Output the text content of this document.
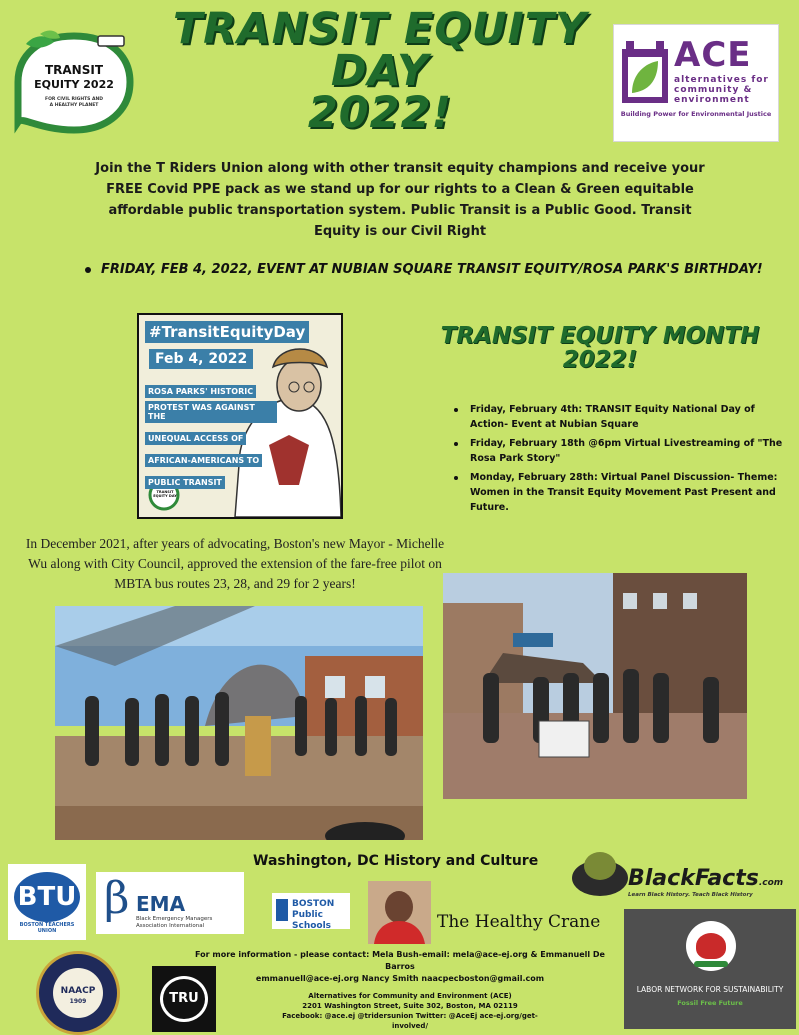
TRANSIT EQUITY DAY
2022!
TRANSIT
EQUITY 2022
FOR CIVIL RIGHTS AND
A HEALTHY PLANET
ACE
alternatives for
community &
environment
Building Power for Environmental Justice
Join the T Riders Union along with other transit equity champions and receive your FREE Covid PPE pack as we stand up for our rights to a Clean & Green equitable affordable public transportation system. Public Transit is a Public Good. Transit Equity is our Civil Right
FRIDAY, FEB 4, 2022, EVENT AT NUBIAN SQUARE TRANSIT EQUITY/ROSA PARK'S BIRTHDAY!
#TransitEquityDay
Feb 4, 2022
ROSA PARKS' HISTORIC
PROTEST WAS AGAINST THE
UNEQUAL ACCESS OF
AFRICAN-AMERICANS TO
PUBLIC TRANSIT
TRANSIT
EQUITY DAY
TRANSIT EQUITY MONTH
2022!
Friday, February 4th: TRANSIT Equity National Day of Action- Event at Nubian Square
Friday, February 18th @6pm Virtual Livestreaming of "The Rosa Park Story"
Monday, February 28th: Virtual Panel Discussion- Theme: Women in the Transit Equity Movement Past Present and Future.
In December 2021, after years of advocating, Boston's new Mayor - Michelle Wu along with City Council, approved the extension of the fare-free pilot on MBTA bus routes 23, 28, and 29 for 2 years!
Washington, DC History and Culture
BTU
BOSTON TEACHERS
UNION
β EMA
Black Emergency Managers
Association International
BOSTON
Public Schools	The Healthy Crane
BlackFacts.com
Learn Black History. Teach Black History
NAACP
1909	TRU
LABOR NETWORK FOR SUSTAINABILITY
Fossil Free Future
For more information - please contact: Mela Bush-email: mela@ace-ej.org & Emmanuell De Barros
emmanuell@ace-ej.org Nancy Smith naacpecboston@gmail.com
Alternatives for Community and Environment (ACE)
2201 Washington Street, Suite 302, Boston, MA 02119
Facebook: @ace.ej @tridersunion Twitter: @AceEj ace-ej.org/get-involved/
